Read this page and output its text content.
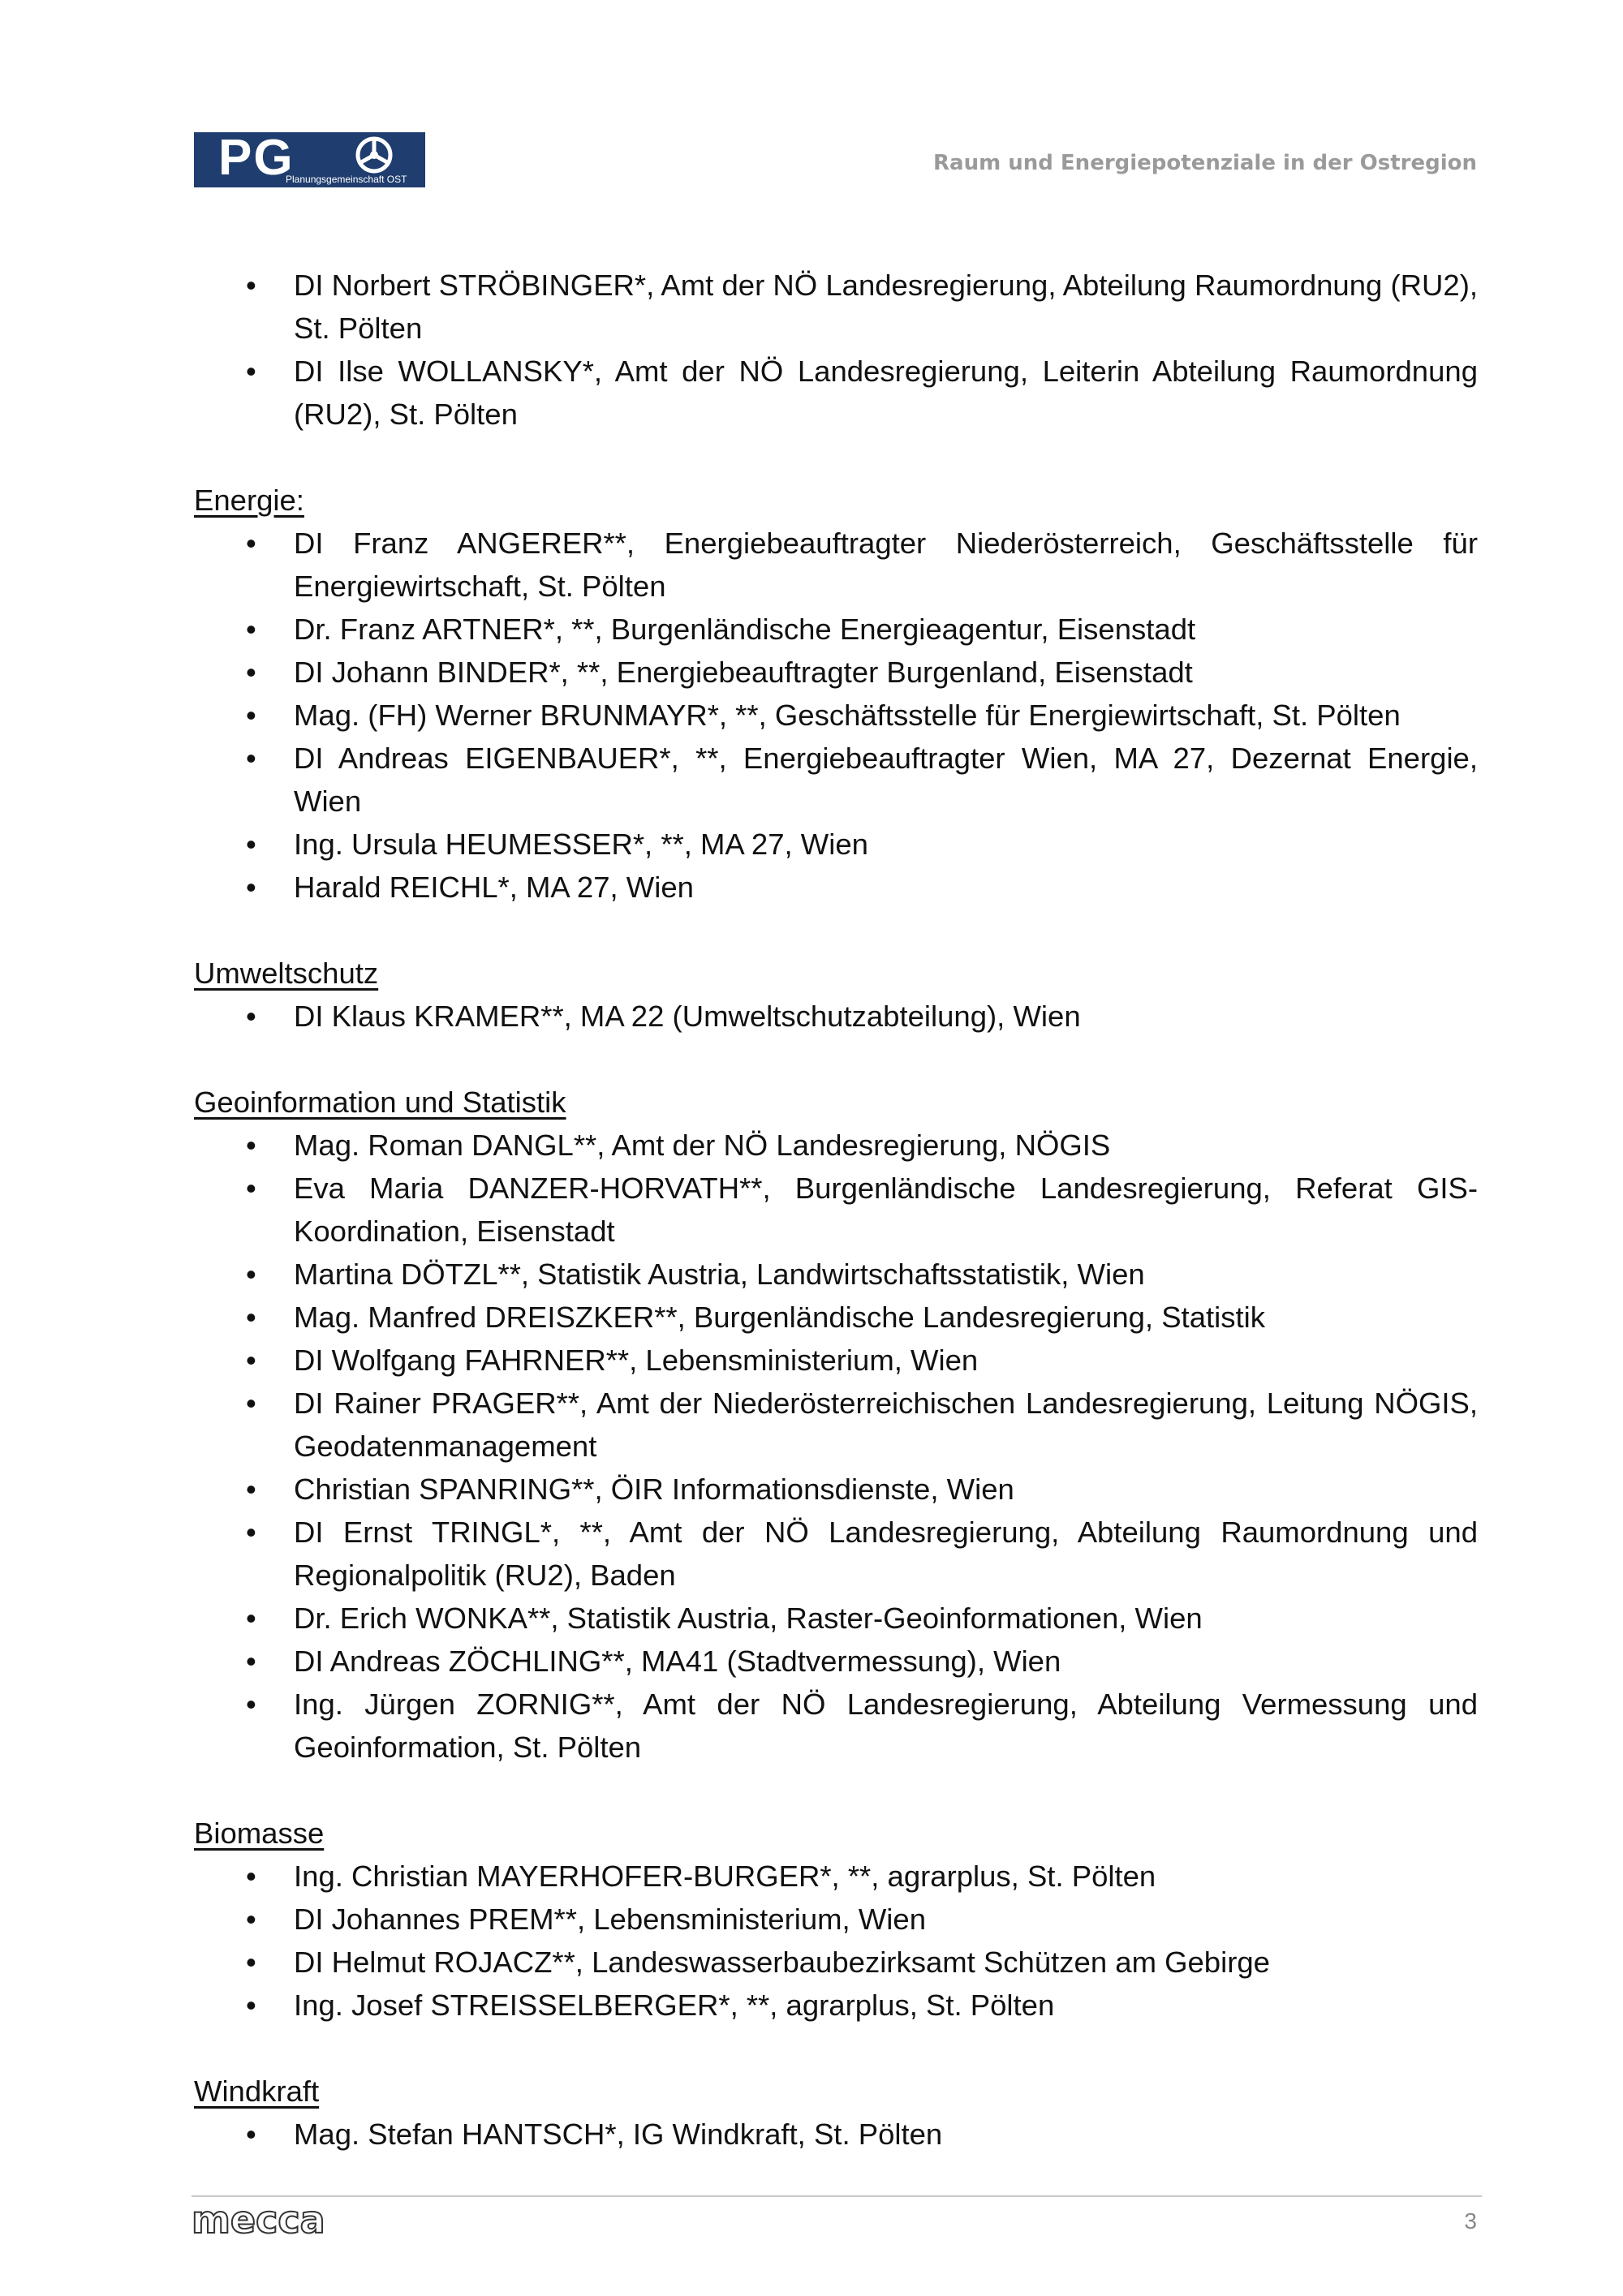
PG
Planungsgemeinschaft OST
Raum und Energiepotenziale in der Ostregion
• DI Norbert STRÖBINGER*, Amt der NÖ Landesregierung, Abteilung Raumordnung (RU2), St. Pölten
• DI Ilse WOLLANSKY*, Amt der NÖ Landesregierung, Leiterin Abteilung Raumordnung (RU2), St. Pölten
Energie:
• DI Franz ANGERER**, Energiebeauftragter Niederösterreich, Geschäftsstelle für Energiewirtschaft, St. Pölten
• Dr. Franz ARTNER*, **, Burgenländische Energieagentur, Eisenstadt
• DI Johann BINDER*, **, Energiebeauftragter Burgenland, Eisenstadt
• Mag. (FH) Werner BRUNMAYR*, **, Geschäftsstelle für Energiewirtschaft, St. Pölten
• DI Andreas EIGENBAUER*, **, Energiebeauftragter Wien, MA 27, Dezernat Energie, Wien
• Ing. Ursula HEUMESSER*, **, MA 27, Wien
• Harald REICHL*, MA 27, Wien
Umweltschutz
• DI Klaus KRAMER**, MA 22 (Umweltschutzabteilung), Wien
Geoinformation und Statistik
• Mag. Roman DANGL**, Amt der NÖ Landesregierung, NÖGIS
• Eva Maria DANZER-HORVATH**, Burgenländische Landesregierung, Referat GIS-Koordination, Eisenstadt
• Martina DÖTZL**, Statistik Austria, Landwirtschaftsstatistik, Wien
• Mag. Manfred DREISZKER**, Burgenländische Landesregierung, Statistik
• DI Wolfgang FAHRNER**, Lebensministerium, Wien
• DI Rainer PRAGER**, Amt der Niederösterreichischen Landesregierung, Leitung NÖGIS, Geodatenmanagement
• Christian SPANRING**, ÖIR Informationsdienste, Wien
• DI Ernst TRINGL*, **, Amt der NÖ Landesregierung, Abteilung Raumordnung und Regionalpolitik (RU2), Baden
• Dr. Erich WONKA**, Statistik Austria, Raster-Geoinformationen, Wien
• DI Andreas ZÖCHLING**, MA41 (Stadtvermessung), Wien
• Ing. Jürgen ZORNIG**, Amt der NÖ Landesregierung, Abteilung Vermessung und Geoinformation, St. Pölten
Biomasse
• Ing. Christian MAYERHOFER-BURGER*, **, agrarplus, St. Pölten
• DI Johannes PREM**, Lebensministerium, Wien
• DI Helmut ROJACZ**, Landeswasserbaubezirksamt Schützen am Gebirge
• Ing. Josef STREISSELBERGER*, **, agrarplus, St. Pölten
Windkraft
• Mag. Stefan HANTSCH*, IG Windkraft, St. Pölten
mecca	3
